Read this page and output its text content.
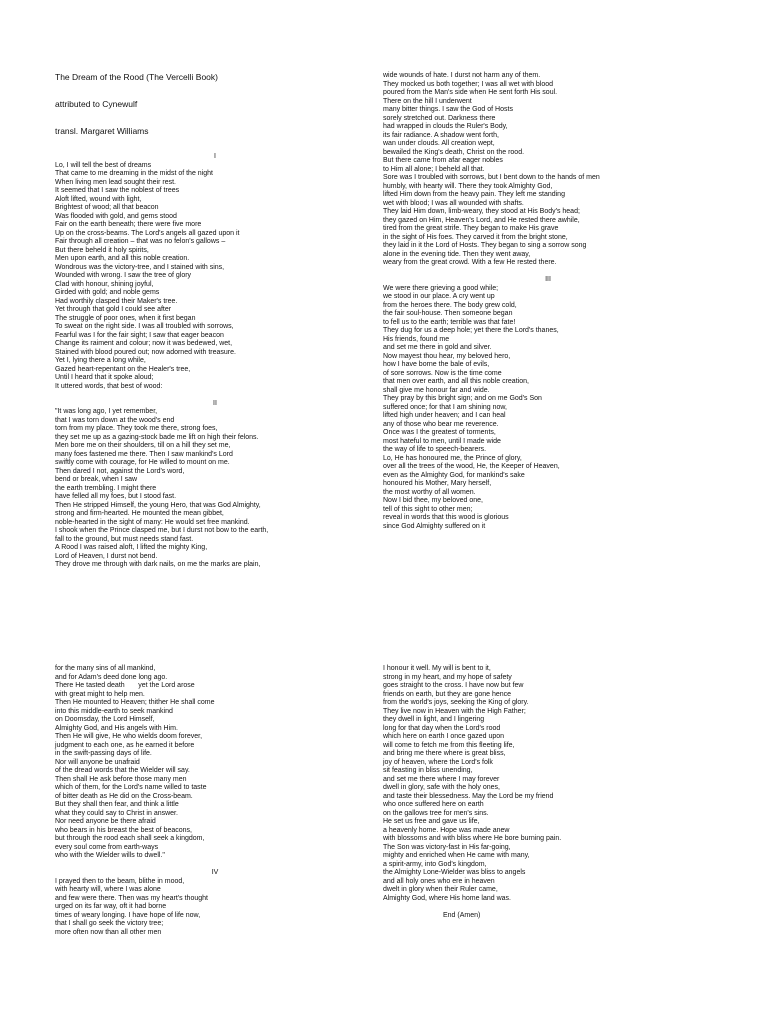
The Dream of the Rood (The Vercelli Book)

attributed to Cynewulf

transl. Margaret Williams

I
Lo, I will tell the best of dreams
That came to me dreaming in the midst of the night
When living men lead sought their rest.
It seemed that I saw the noblest of trees
Aloft lifted, wound with light,
Brightest of wood; all that beacon
Was flooded with gold, and gems stood
Fair on the earth beneath; there were five more
Up on the cross-beams. The Lord's angels all gazed upon it
Fair through all creation – that was no felon's gallows –
But there beheld it holy spirits,
Men upon earth, and all this noble creation.
Wondrous was the victory-tree, and I stained with sins,
Wounded with wrong. I saw the tree of glory
Clad with honour, shining joyful,
Girded with gold; and noble gems
Had worthily clasped their Maker's tree.
Yet through that gold I could see after
The struggle of poor ones, when it first began
To sweat on the right side. I was all troubled with sorrows,
Fearful was I for the fair sight; I saw that eager beacon
Change its raiment and colour; now it was bedewed, wet,
Stained with blood poured out; now adorned with treasure.
Yet I, lying there a long while,
Gazed heart-repentant on the Healer's tree,
Until I heard that it spoke aloud;
It uttered words, that best of wood:

II
"It was long ago, I yet remember,
that I was torn down at the wood's end
torn from my place. They took me there, strong foes,
they set me up as a gazing-stock bade me lift on high their felons.
Men bore me on their shoulders, till on a hill they set me,
many foes fastened me there. Then I saw mankind's Lord
swiftly come with courage, for He willed to mount on me.
Then dared I not, against the Lord's word,
bend or break, when I saw
the earth trembling. I might there
have felled all my foes, but I stood fast.
Then He stripped Himself, the young Hero, that was God Almighty,
strong and firm-hearted. He mounted the mean gibbet,
noble-hearted in the sight of many: He would set free mankind.
I shook when the Prince clasped me, but I durst not bow to the earth,
fall to the ground, but must needs stand fast.
A Rood I was raised aloft, I lifted the mighty King,
Lord of Heaven, I durst not bend.
They drove me through with dark nails, on me the marks are plain,

wide wounds of hate. I durst not harm any of them.
They mocked us both together; I was all wet with blood
poured from the Man's side when He sent forth His soul.
There on the hill I underwent
many bitter things. I saw the God of Hosts
sorely stretched out. Darkness there
had wrapped in clouds the Ruler's Body,
its fair radiance. A shadow went forth,
wan under clouds. All creation wept,
bewailed the King's death, Christ on the rood.
But there came from afar eager nobles
to Him all alone; I beheld all that.
Sore was I troubled with sorrows, but I bent down to the hands of men
humbly, with hearty will. There they took Almighty God,
lifted Him down from the heavy pain. They left me standing
wet with blood; I was all wounded with shafts.
They laid Him down, limb-weary, they stood at His Body's head;
they gazed on Him, Heaven's Lord, and He rested there awhile,
tired from the great strife. They began to make His grave
in the sight of His foes. They carved it from the bright stone,
they laid in it the Lord of Hosts. They began to sing a sorrow song
alone in the evening tide. Then they went away,
weary from the great crowd. With a few He rested there.

III
We were there grieving a good while;
we stood in our place. A cry went up
from the heroes there. The body grew cold,
the fair soul-house. Then someone began
to fell us to the earth; terrible was that fate!
They dug for us a deep hole; yet there the Lord's thanes,
His friends, found me
and set me there in gold and silver.
Now mayest thou hear, my beloved hero,
how I have borne the bale of evils,
of sore sorrows. Now is the time come
that men over earth, and all this noble creation,
shall give me honour far and wide.
They pray by this bright sign; and on me God's Son
suffered once; for that I am shining now,
lifted high under heaven; and I can heal
any of those who bear me reverence.
Once was I the greatest of torments,
most hateful to men, until I made wide
the way of life to speech-bearers.
Lo, He has honoured me, the Prince of glory,
over all the trees of the wood, He, the Keeper of Heaven,
even as the Almighty God, for mankind's sake
honoured his Mother, Mary herself,
the most worthy of all women.
Now I bid thee, my beloved one,
tell of this sight to other men;
reveal in words that this wood is glorious
since God Almighty suffered on it

for the many sins of all mankind,
and for Adam's deed done long ago.
There He tasted death       yet the Lord arose
with great might to help men.
Then He mounted to Heaven; thither He shall come
into this middle-earth to seek mankind
on Doomsday, the Lord Himself,
Almighty God, and His angels with Him.
Then He will give, He who wields doom forever,
judgment to each one, as he earned it before
in the swift-passing days of life.
Nor will anyone be unafraid
of the dread words that the Wielder will say.
Then shall He ask before those many men
which of them, for the Lord's name willed to taste
of bitter death as He did on the Cross-beam.
But they shall then fear, and think a little
what they could say to Christ in answer.
Nor need anyone be there afraid
who bears in his breast the best of beacons,
but through the rood each shall seek a kingdom,
every soul come from earth-ways
who with the Wielder wills to dwell."

IV
I prayed then to the beam, blithe in mood,
with hearty will, where I was alone
and few were there. Then was my heart's thought
urged on its far way, oft it had borne
times of weary longing. I have hope of life now,
that I shall go seek the victory tree;
more often now than all other men

I honour it well. My will is bent to it,
strong in my heart, and my hope of safety
goes straight to the cross. I have now but few
friends on earth, but they are gone hence
from the world's joys, seeking the King of glory.
They live now in Heaven with the High Father;
they dwell in light, and I lingering
long for that day when the Lord's rood
which here on earth I once gazed upon
will come to fetch me from this fleeting life,
and bring me there where is great bliss,
joy of heaven, where the Lord's folk
sit feasting in bliss unending,
and set me there where I may forever
dwell in glory, safe with the holy ones,
and taste their blessedness. May the Lord be my friend
who once suffered here on earth
on the gallows tree for men's sins.
He set us free and gave us life,
a heavenly home. Hope was made anew
with blossoms and with bliss where He bore burning pain.
The Son was victory-fast in His far-going,
mighty and enriched when He came with many,
a spirit-army, into God's kingdom,
the Almighty Lone-Wielder was bliss to angels
and all holy ones who ere in heaven
dwelt in glory when their Ruler came,
Almighty God, where His home land was.

End (Amen)
